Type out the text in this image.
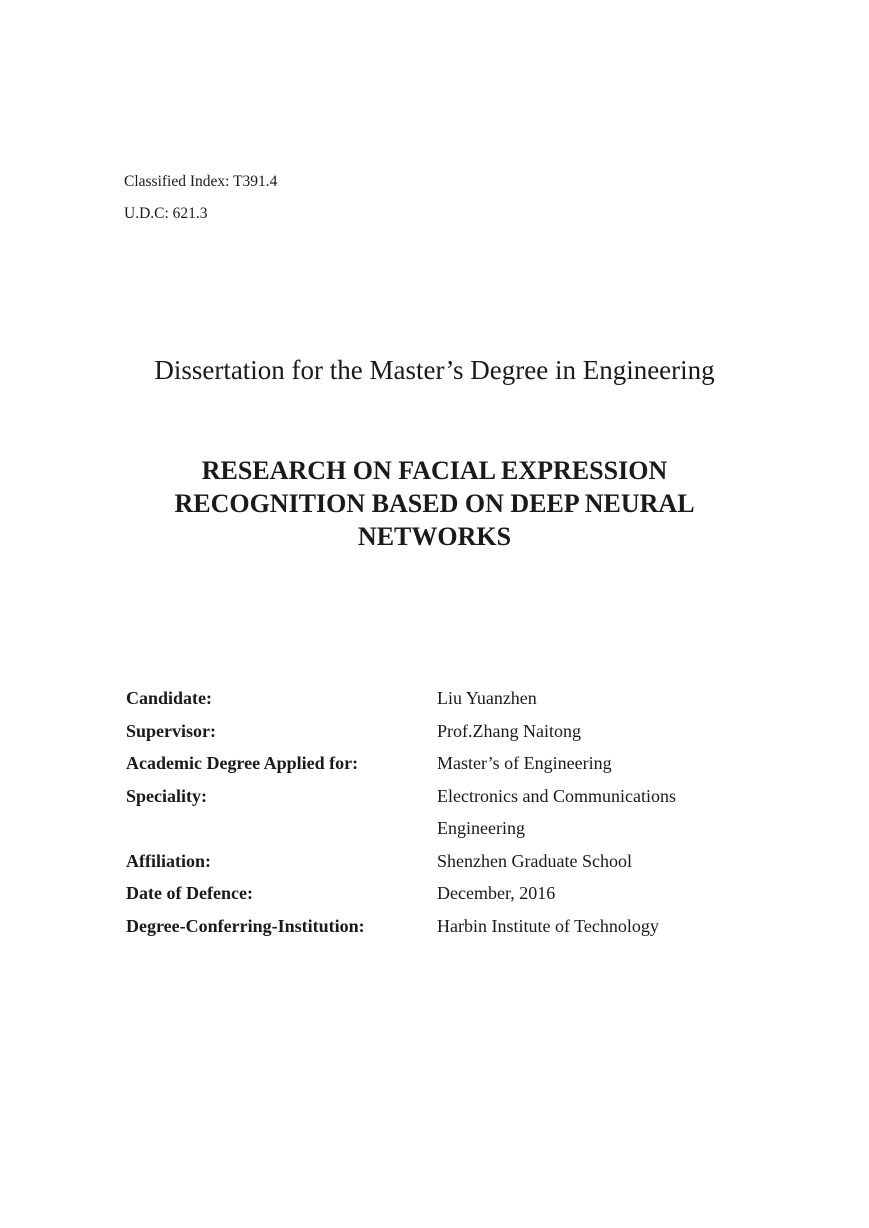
Classified Index: T391.4
U.D.C: 621.3
Dissertation for the Master’s Degree in Engineering
RESEARCH ON FACIAL EXPRESSION
RECOGNITION BASED ON DEEP NEURAL
NETWORKS
Candidate:	Liu Yuanzhen
Supervisor:	Prof.Zhang Naitong
Academic Degree Applied for:	Master’s of Engineering
Speciality:	Electronics and Communications
Engineering
Affiliation:	Shenzhen Graduate School
Date of Defence:	December, 2016
Degree-Conferring-Institution:	Harbin Institute of Technology
